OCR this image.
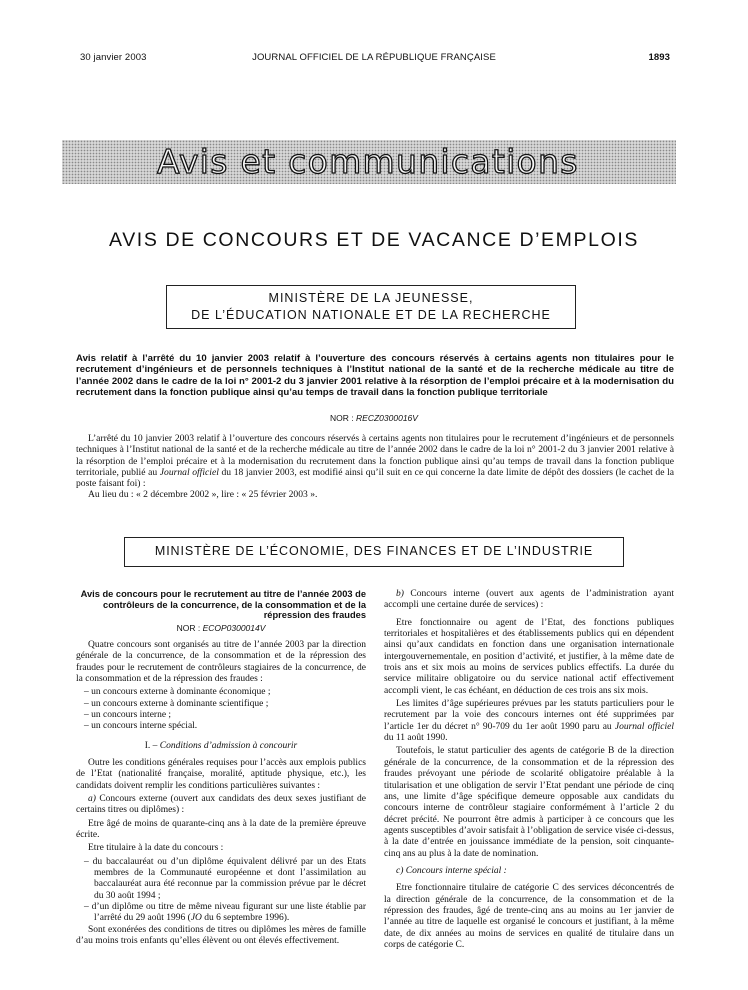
30 janvier 2003	JOURNAL OFFICIEL DE LA RÉPUBLIQUE FRANÇAISE	1893
Avis et communications
AVIS DE CONCOURS ET DE VACANCE D’EMPLOIS
MINISTÈRE DE LA JEUNESSE,
DE L’ÉDUCATION NATIONALE ET DE LA RECHERCHE
Avis relatif à l’arrêté du 10 janvier 2003 relatif à l’ouverture des concours réservés à certains agents non titulaires pour le recrutement d’ingénieurs et de personnels techniques à l’Institut national de la santé et de la recherche médicale au titre de l’année 2002 dans le cadre de la loi n° 2001-2 du 3 janvier 2001 relative à la résorption de l’emploi précaire et à la modernisation du recrutement dans la fonction publique ainsi qu’au temps de travail dans la fonction publique territoriale
NOR : RECZ0300016V

L’arrêté du 10 janvier 2003 relatif à l’ouverture des concours réservés à certains agents non titulaires pour le recrutement d’ingénieurs et de personnels techniques à l’Institut national de la santé et de la recherche médicale au titre de l’année 2002 dans le cadre de la loi n° 2001-2 du 3 janvier 2001 relative à la résorption de l’emploi précaire et à la modernisation du recrutement dans la fonction publique ainsi qu’au temps de travail dans la fonction publique territoriale, publié au Journal officiel du 18 janvier 2003, est modifié ainsi qu’il suit en ce qui concerne la date limite de dépôt des dossiers (le cachet de la poste faisant foi) :

Au lieu du : « 2 décembre 2002 », lire : « 25 février 2003 ».

MINISTÈRE DE L’ÉCONOMIE, DES FINANCES ET DE L’INDUSTRIE

Avis de concours pour le recrutement au titre de l’année 2003 de contrôleurs de la concurrence, de la consommation et de la répression des fraudes

NOR : ECOP0300014V

Quatre concours sont organisés au titre de l’année 2003 par la direction générale de la concurrence, de la consommation et de la répression des fraudes pour le recrutement de contrôleurs stagiaires de la concurrence, de la consommation et de la répression des fraudes :

– un concours externe à dominante économique ;

– un concours externe à dominante scientifique ;

– un concours interne ;

– un concours interne spécial.

I. – Conditions d’admission à concourir

Outre les conditions générales requises pour l’accès aux emplois publics de l’Etat (nationalité française, moralité, aptitude physique, etc.), les candidats doivent remplir les conditions particulières suivantes :

a) Concours externe (ouvert aux candidats des deux sexes justifiant de certains titres ou diplômes) :

Etre âgé de moins de quarante-cinq ans à la date de la première épreuve écrite.

Etre titulaire à la date du concours :

– du baccalauréat ou d’un diplôme équivalent délivré par un des Etats membres de la Communauté européenne et dont l’assimilation au baccalauréat aura été reconnue par la commission prévue par le décret du 30 août 1994 ;

– d’un diplôme ou titre de même niveau figurant sur une liste établie par l’arrêté du 29 août 1996 (JO du 6 septembre 1996).

Sont exonérées des conditions de titres ou diplômes les mères de famille d’au moins trois enfants qu’elles élèvent ou ont élevés effectivement.

b) Concours interne (ouvert aux agents de l’administration ayant accompli une certaine durée de services) :

Etre fonctionnaire ou agent de l’Etat, des fonctions publiques territoriales et hospitalières et des établissements publics qui en dépendent ainsi qu’aux candidats en fonction dans une organisation internationale intergouvernementale, en position d’activité, et justifier, à la même date de trois ans et six mois au moins de services publics effectifs. La durée du service militaire obligatoire ou du service national actif effectivement accompli vient, le cas échéant, en déduction de ces trois ans six mois.

Les limites d’âge supérieures prévues par les statuts particuliers pour le recrutement par la voie des concours internes ont été supprimées par l’article 1er du décret n° 90-709 du 1er août 1990 paru au Journal officiel du 11 août 1990.

Toutefois, le statut particulier des agents de catégorie B de la direction générale de la concurrence, de la consommation et de la répression des fraudes prévoyant une période de scolarité obligatoire préalable à la titularisation et une obligation de servir l’Etat pendant une période de cinq ans, une limite d’âge spécifique demeure opposable aux candidats du concours interne de contrôleur stagiaire conformément à l’article 2 du décret précité. Ne pourront être admis à participer à ce concours que les agents susceptibles d’avoir satisfait à l’obligation de service visée ci-dessus, à la date d’entrée en jouissance immédiate de la pension, soit cinquante-cinq ans au plus à la date de nomination.

c) Concours interne spécial :

Etre fonctionnaire titulaire de catégorie C des services déconcentrés de la direction générale de la concurrence, de la consommation et de la répression des fraudes, âgé de trente-cinq ans au moins au 1er janvier de l’année au titre de laquelle est organisé le concours et justifiant, à la même date, de dix années au moins de services en qualité de titulaire dans un corps de catégorie C.
